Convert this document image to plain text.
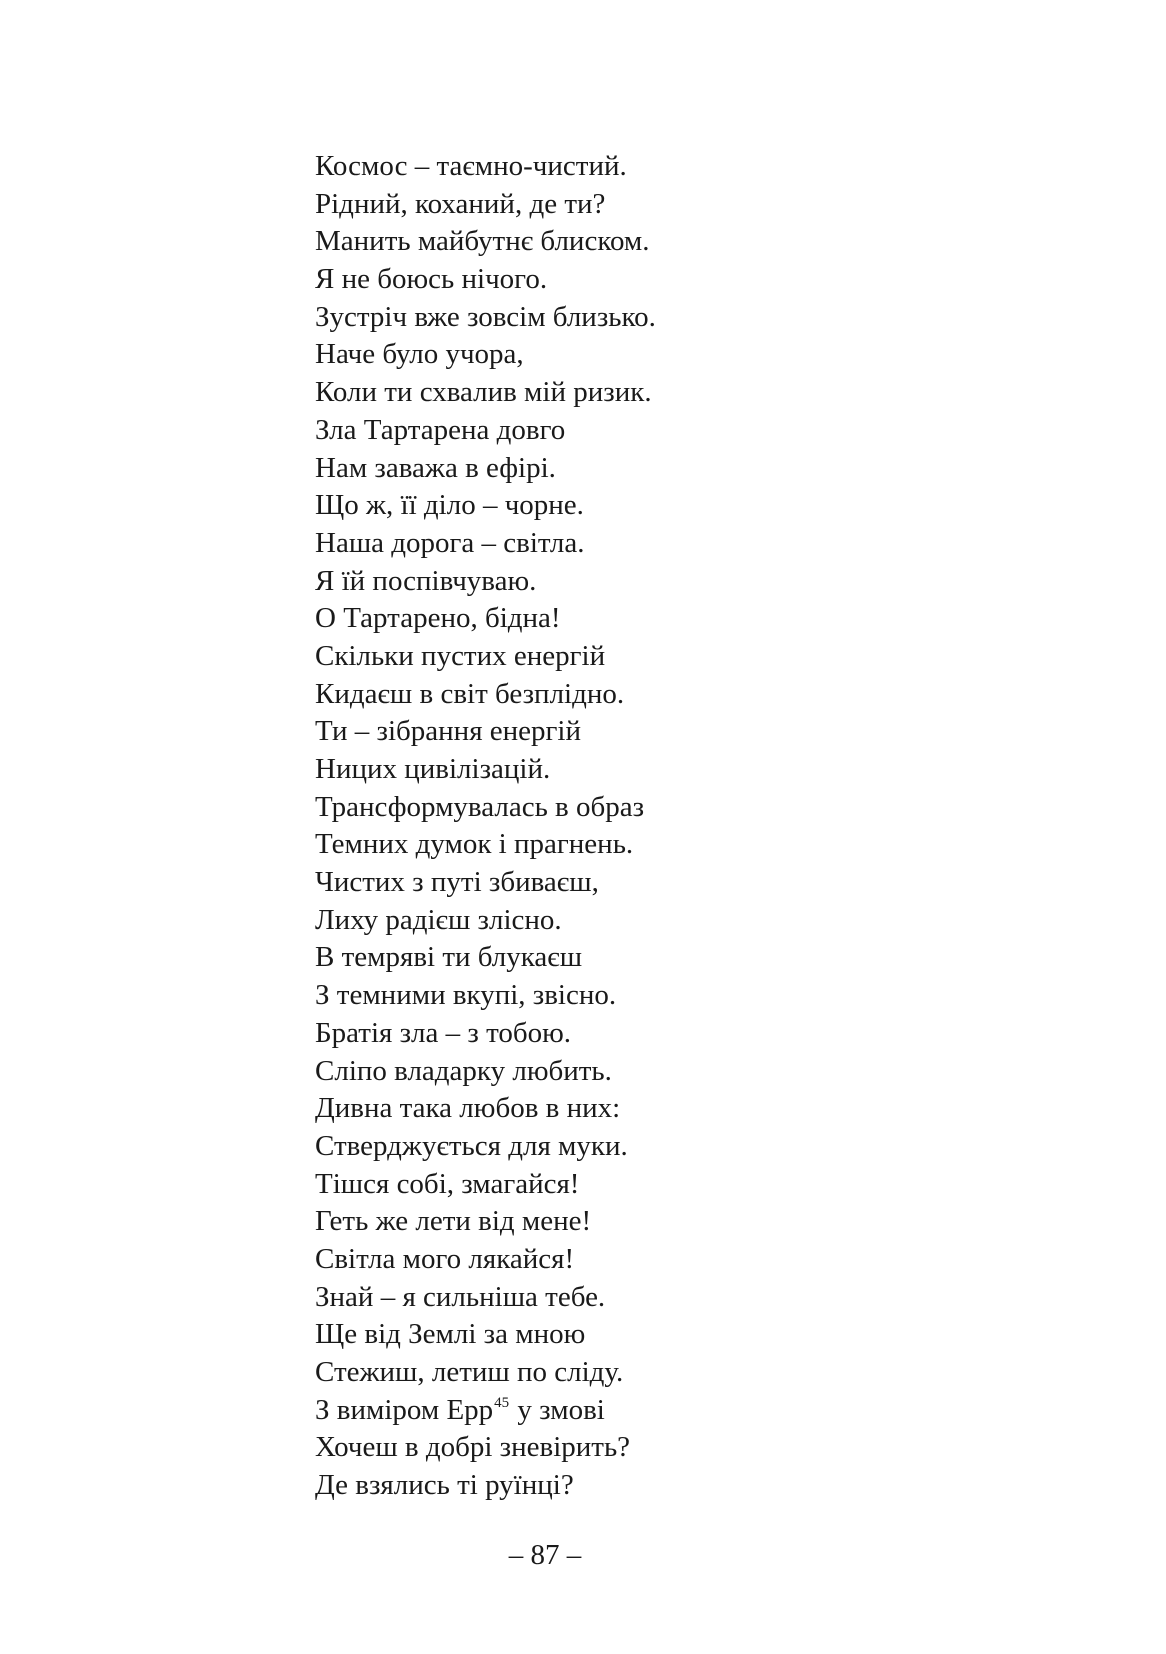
Космос – таємно-чистий.
Рідний, коханий, де ти?
Манить майбутнє блиском.
Я не боюсь нічого.
Зустріч вже зовсім близько.
Наче було учора,
Коли ти схвалив мій ризик.
Зла Тартарена довго
Нам заважа в ефірі.
Що ж, її діло – чорне.
Наша дорога – світла.
Я їй поспівчуваю.
О Тартарено, бідна!
Скільки пустих енергій
Кидаєш в світ безплідно.
Ти – зібрання енергій
Ницих цивілізацій.
Трансформувалась в образ
Темних думок і прагнень.
Чистих з путі збиваєш,
Лиху радієш злісно.
В темряві ти блукаєш
З темними вкупі, звісно.
Братія зла – з тобою.
Сліпо владарку любить.
Дивна така любов в них:
Стверджується для муки.
Тішся собі, змагайся!
Геть же лети від мене!
Світла мого лякайся!
Знай – я сильніша тебе.
Ще від Землі за мною
Стежиш, летиш по сліду.
З виміром Ерр$^{45}$ у змові
Хочеш в добрі зневірить?
Де взялись ті руїнці?
– 87 –
